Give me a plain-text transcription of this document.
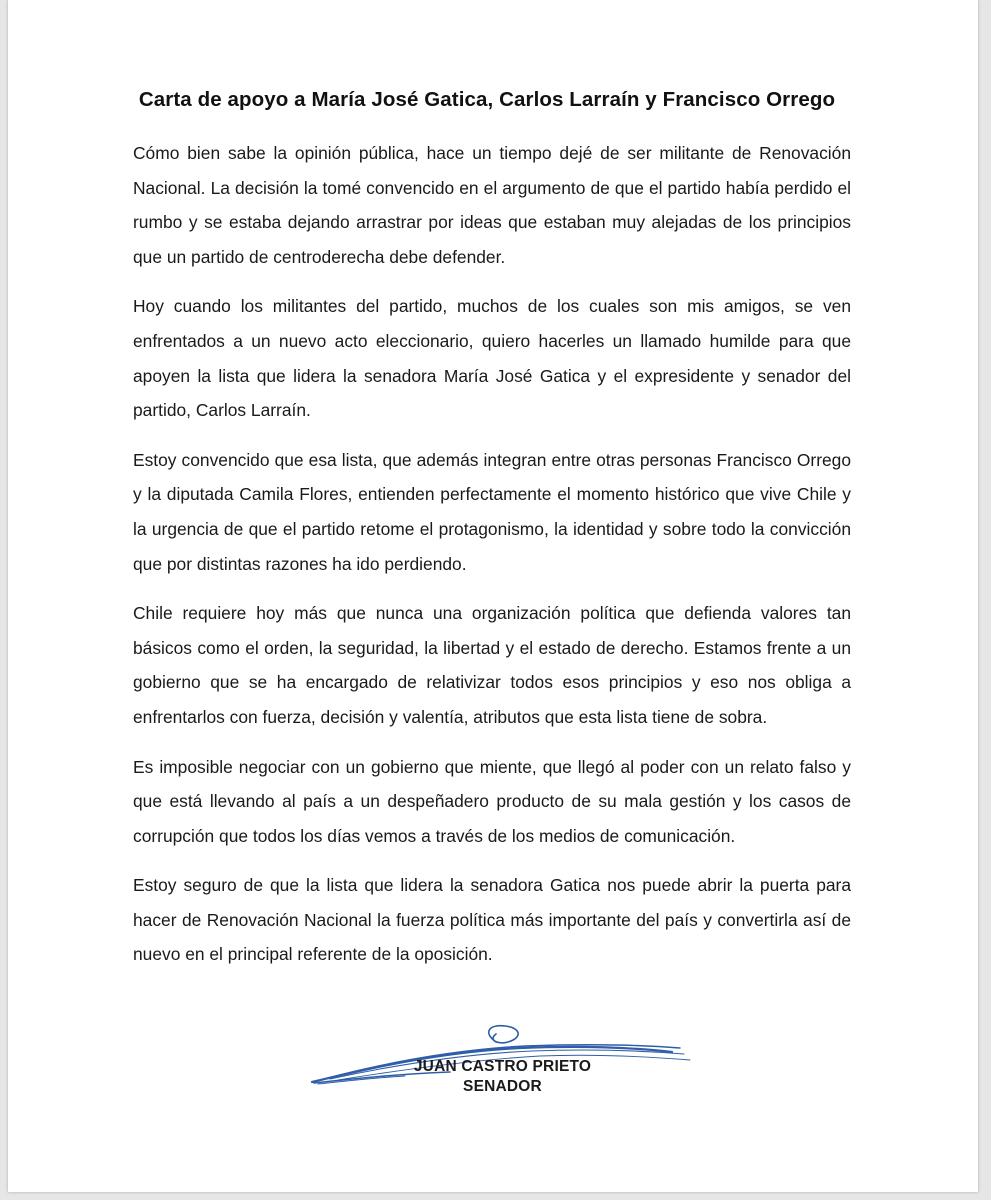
Carta de apoyo a María José Gatica, Carlos Larraín y Francisco Orrego

Cómo bien sabe la opinión pública, hace un tiempo dejé de ser militante de Renovación Nacional. La decisión la tomé convencido en el argumento de que el partido había perdido el rumbo y se estaba dejando arrastrar por ideas que estaban muy alejadas de los principios que un partido de centroderecha debe defender.

Hoy cuando los militantes del partido, muchos de los cuales son mis amigos, se ven enfrentados a un nuevo acto eleccionario, quiero hacerles un llamado humilde para que apoyen la lista que lidera la senadora María José Gatica y el expresidente y senador del partido, Carlos Larraín.

Estoy convencido que esa lista, que además integran entre otras personas Francisco Orrego y la diputada Camila Flores, entienden perfectamente el momento histórico que vive Chile y la urgencia de que el partido retome el protagonismo, la identidad y sobre todo la convicción que por distintas razones ha ido perdiendo.

Chile requiere hoy más que nunca una organización política que defienda valores tan básicos como el orden, la seguridad, la libertad y el estado de derecho. Estamos frente a un gobierno que se ha encargado de relativizar todos esos principios y eso nos obliga a enfrentarlos con fuerza, decisión y valentía, atributos que esta lista tiene de sobra.

Es imposible negociar con un gobierno que miente, que llegó al poder con un relato falso y que está llevando al país a un despeñadero producto de su mala gestión y los casos de corrupción que todos los días vemos a través de los medios de comunicación.

Estoy seguro de que la lista que lidera la senadora Gatica nos puede abrir la puerta para hacer de Renovación Nacional la fuerza política más importante del país y convertirla así de nuevo en el principal referente de la oposición.

JUAN CASTRO PRIETO
SENADOR
